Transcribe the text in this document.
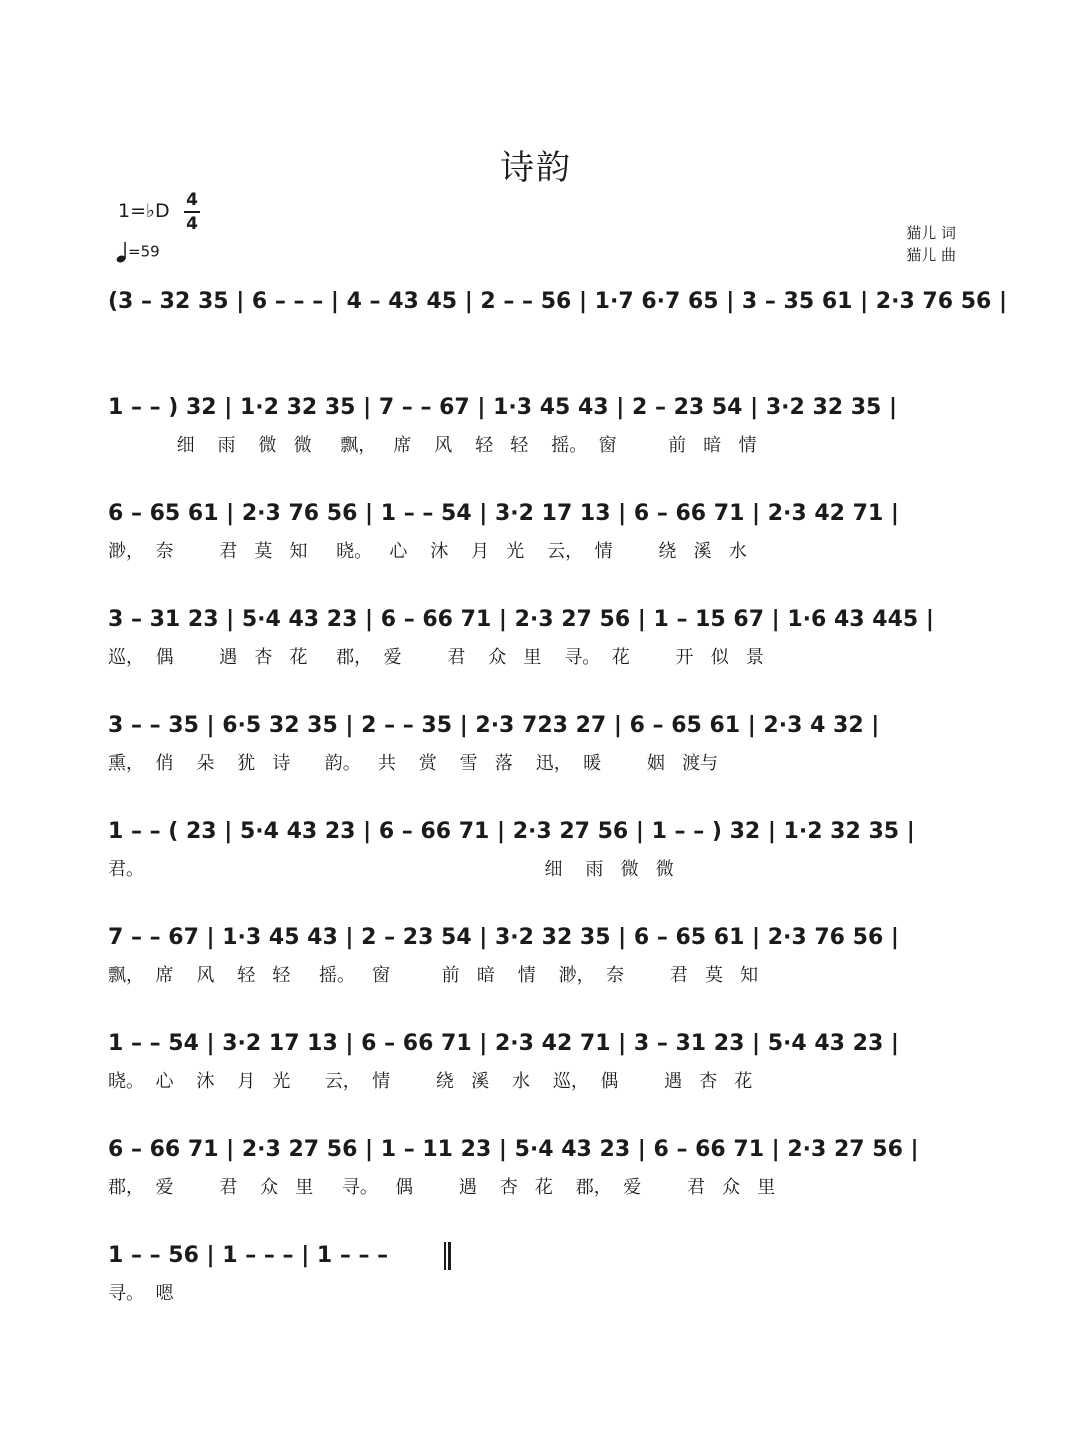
诗韵
1=♭D 4
4
=59
猫儿 词
猫儿 曲
(3 – 32 35 | 6 – – – | 4 – 43 45 | 2 – – 56 | 1·7 6·7 65 | 3 – 35 61 | 2·3 76 56 |
1 – – ) 32 | 1·2 32 35 | 7 – – 67 | 1·3 45 43 | 2 – 23 54 | 3·2 32 35 |
细    雨    微   微     飘，   席    风    轻   轻    摇。  窗         前   暗   情
6 – 65 61 | 2·3 76 56 | 1 – – 54 | 3·2 17 13 | 6 – 66 71 | 2·3 42 71 |
渺，  奈        君   莫   知     晓。   心    沐    月   光    云，  情        绕   溪   水
3 – 31 23 | 5·4 43 23 | 6 – 66 71 | 2·3 27 56 | 1 – 15 67 | 1·6 43 445 |
巡，  偶        遇   杏   花     郡，  爱        君    众   里    寻。  花        开   似   景
3 – – 35 | 6·5 32 35 | 2 – – 35 | 2·3 723 27 | 6 – 65 61 | 2·3 4 32 |
熏，  俏    朵    犹   诗      韵。   共    赏    雪   落    迅，  暖        姻   渡与
1 – – ( 23 | 5·4 43 23 | 6 – 66 71 | 2·3 27 56 | 1 – – ) 32 | 1·2 32 35 |
君。                                                                      细    雨   微   微
7 – – 67 | 1·3 45 43 | 2 – 23 54 | 3·2 32 35 | 6 – 65 61 | 2·3 76 56 |
飘，  席    风    轻   轻     摇。   窗         前   暗    情    渺，  奈        君   莫   知
1 – – 54 | 3·2 17 13 | 6 – 66 71 | 2·3 42 71 | 3 – 31 23 | 5·4 43 23 |
晓。  心    沐    月   光      云，  情        绕   溪    水    巡，  偶        遇   杏   花
6 – 66 71 | 2·3 27 56 | 1 – 11 23 | 5·4 43 23 | 6 – 66 71 | 2·3 27 56 |
郡，  爱        君    众   里     寻。   偶        遇    杏   花    郡，  爱        君   众   里
1 – – 56 | 1 – – – | 1 – – –
寻。  嗯
